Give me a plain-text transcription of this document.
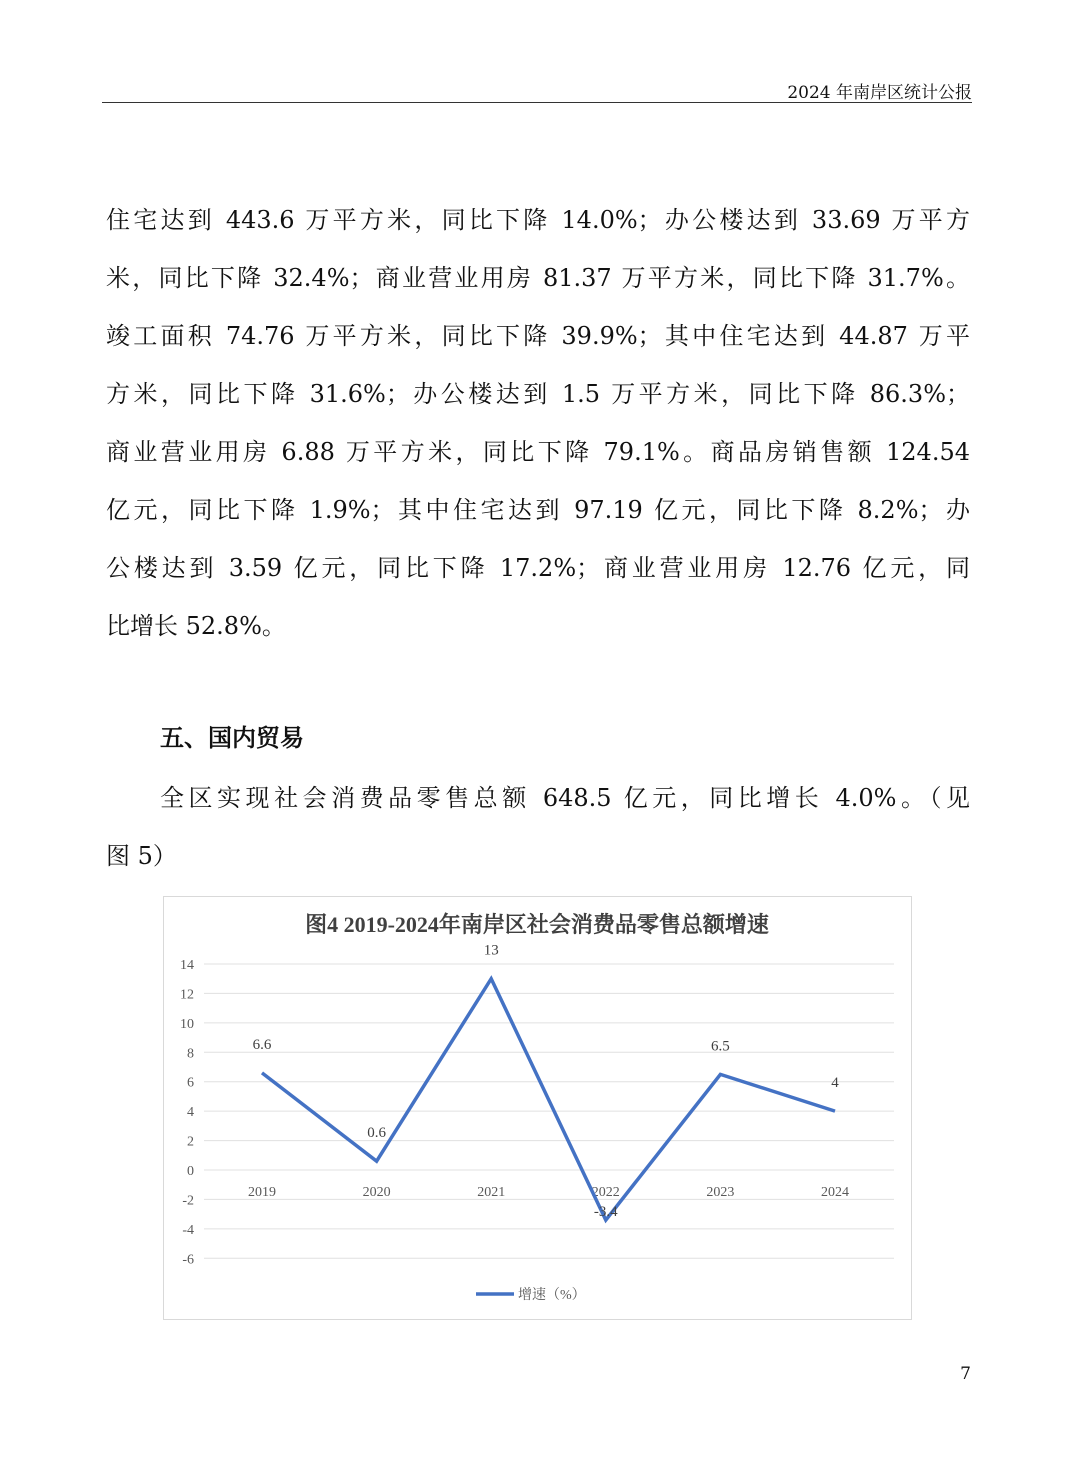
2024 年南岸区统计公报
住宅达到 443.6 万平方米，同比下降 14.0%；办公楼达到 33.69 万平方
米，同比下降 32.4%；商业营业用房 81.37 万平方米，同比下降 31.7%。
竣工面积 74.76 万平方米，同比下降 39.9%；其中住宅达到 44.87 万平
方米，同比下降 31.6%；办公楼达到 1.5 万平方米，同比下降 86.3%；
商业营业用房 6.88 万平方米，同比下降 79.1%。商品房销售额 124.54
亿元，同比下降 1.9%；其中住宅达到 97.19 亿元，同比下降 8.2%；办
公楼达到 3.59 亿元，同比下降 17.2%；商业营业用房 12.76 亿元，同
比增长 52.8%。
五、国内贸易
全区实现社会消费品零售总额 648.5 亿元，同比增长 4.0%。（见
图 5）
图4 2019-2024年南岸区社会消费品零售总额增速
14
12
10
8
6
4
2
0
-2
-4
-6
2019	2020	2021	2022	2023	2024
6.6
0.6
13
-3.4
6.5
4
增速（%）
7
